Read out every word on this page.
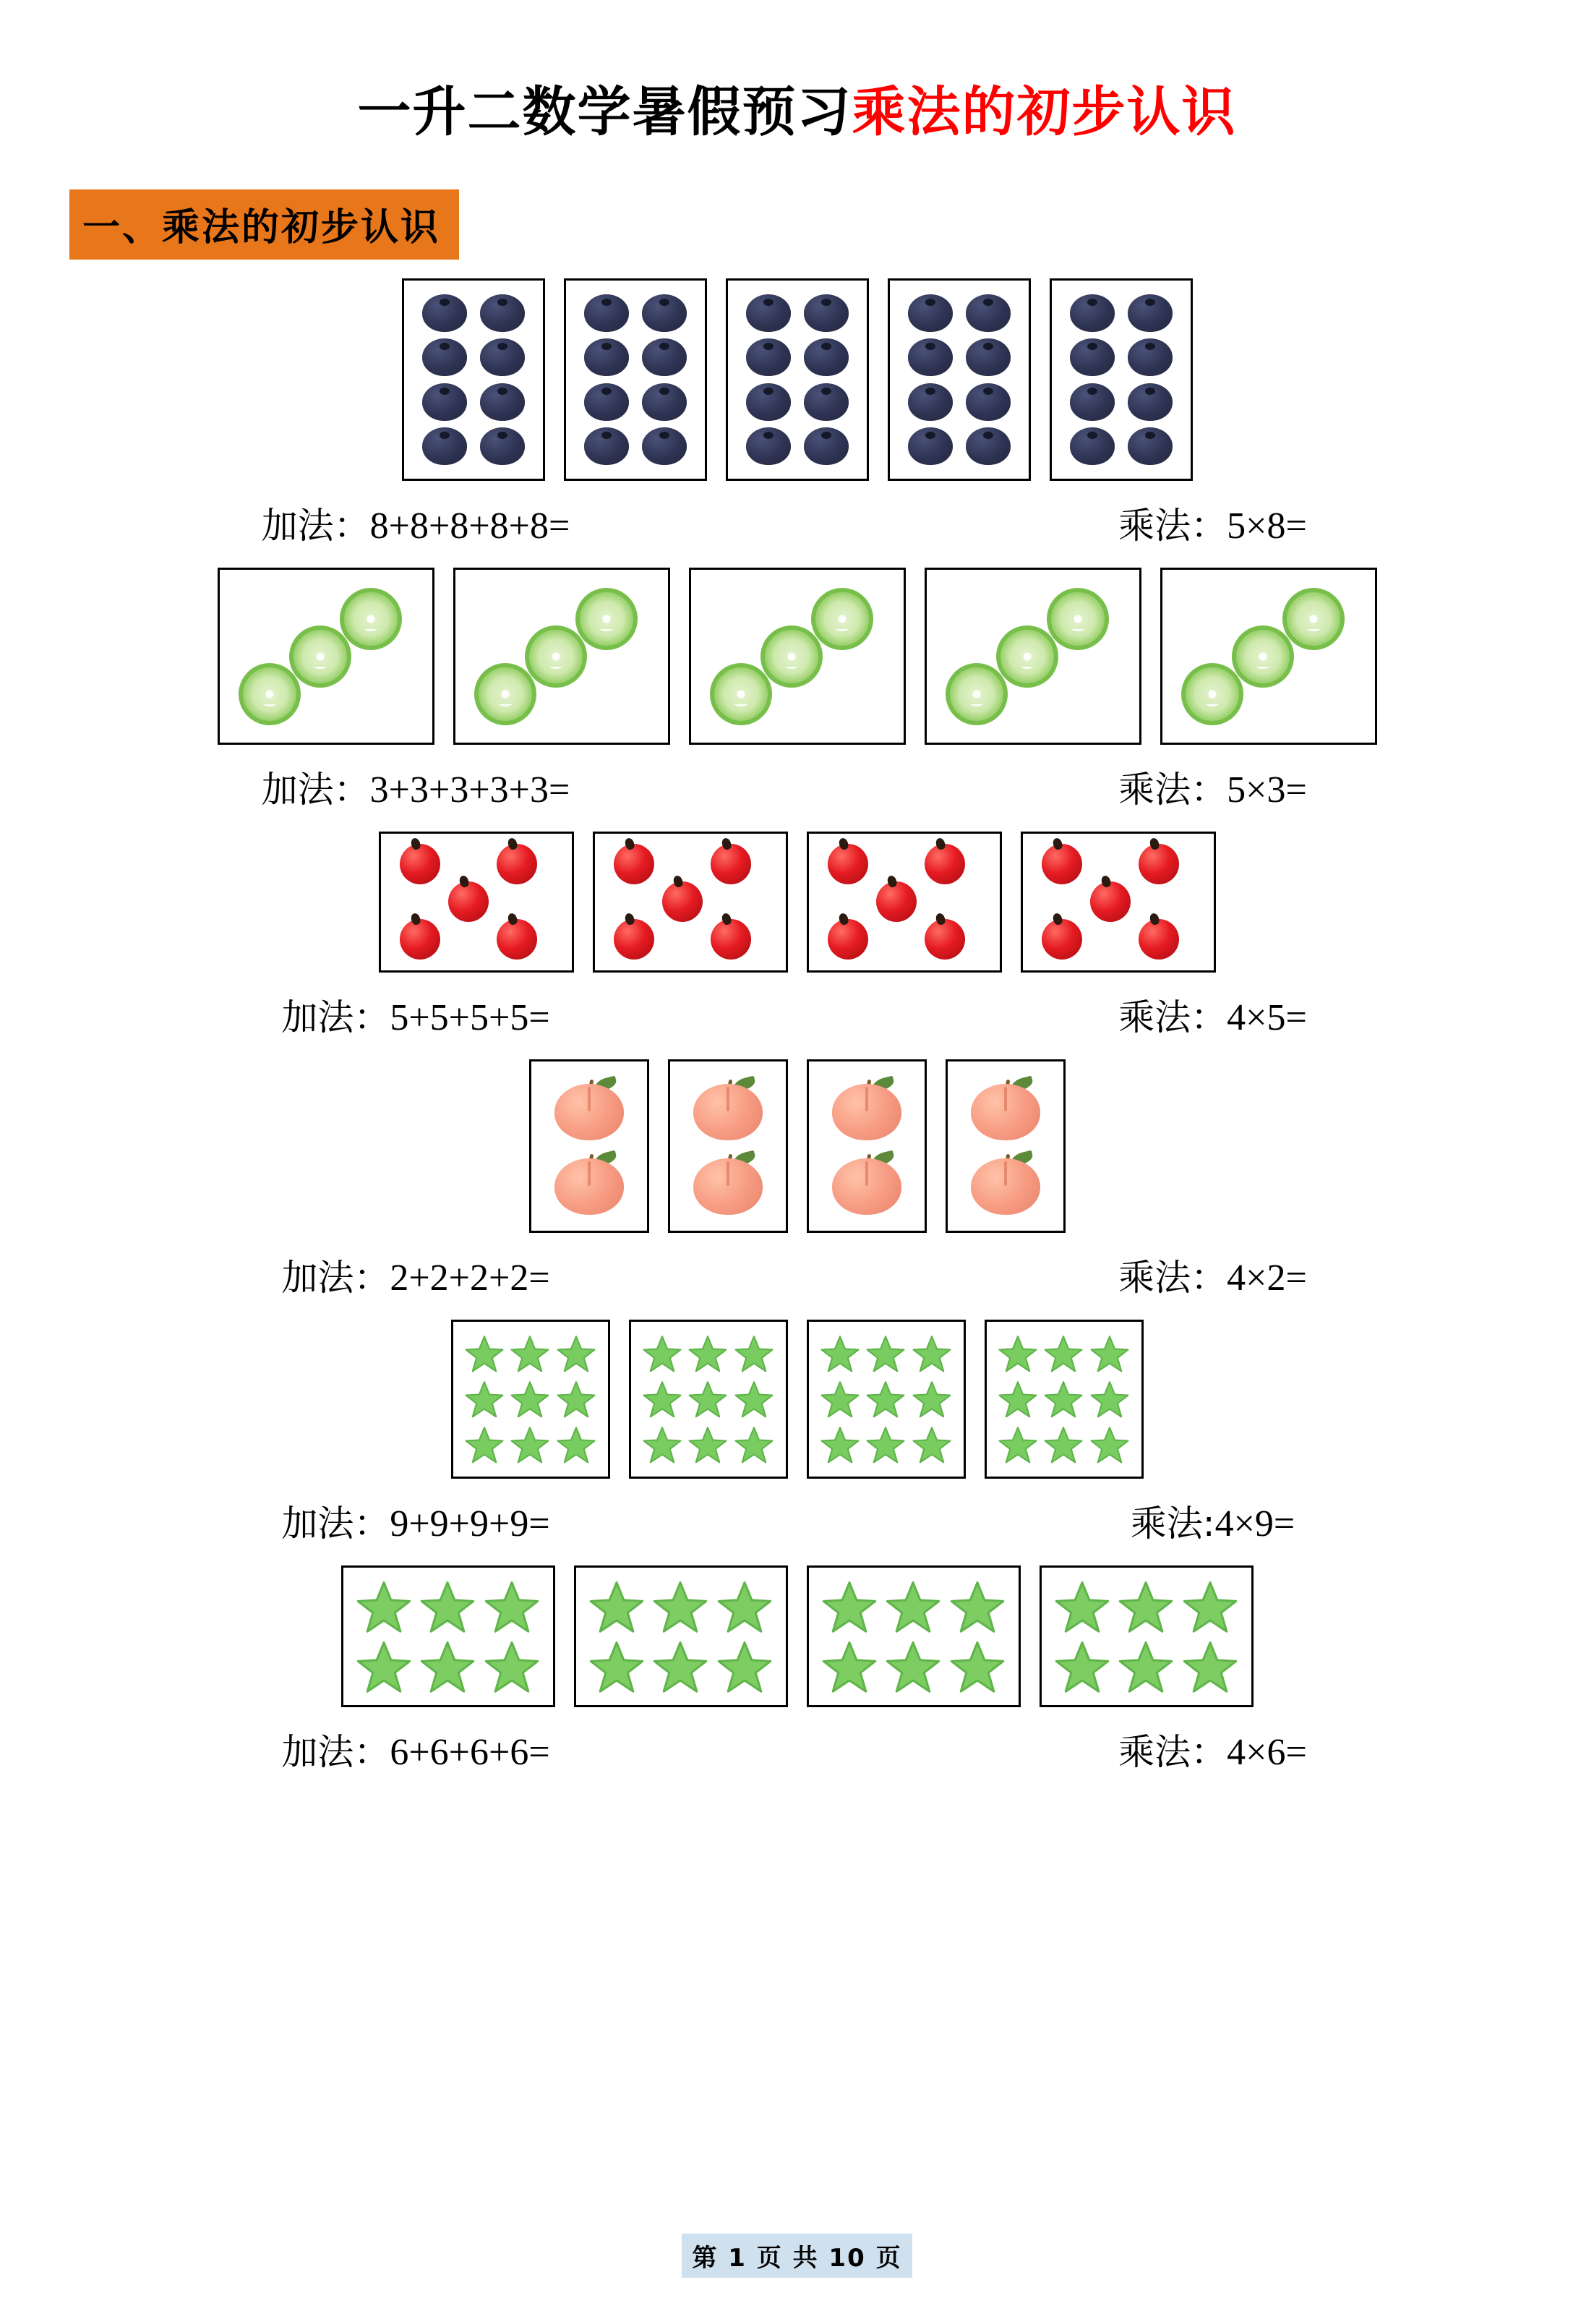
一升二数学暑假预习乘法的初步认识
一、乘法的初步认识
加法：8+8+8+8+8=	乘法：5×8=
加法：3+3+3+3+3=	乘法：5×3=
加法：5+5+5+5=	乘法：4×5=
加法：2+2+2+2=	乘法：4×2=
加法：9+9+9+9=	乘法:4×9=
加法：6+6+6+6=	乘法：4×6=
第 1 页 共 10 页
